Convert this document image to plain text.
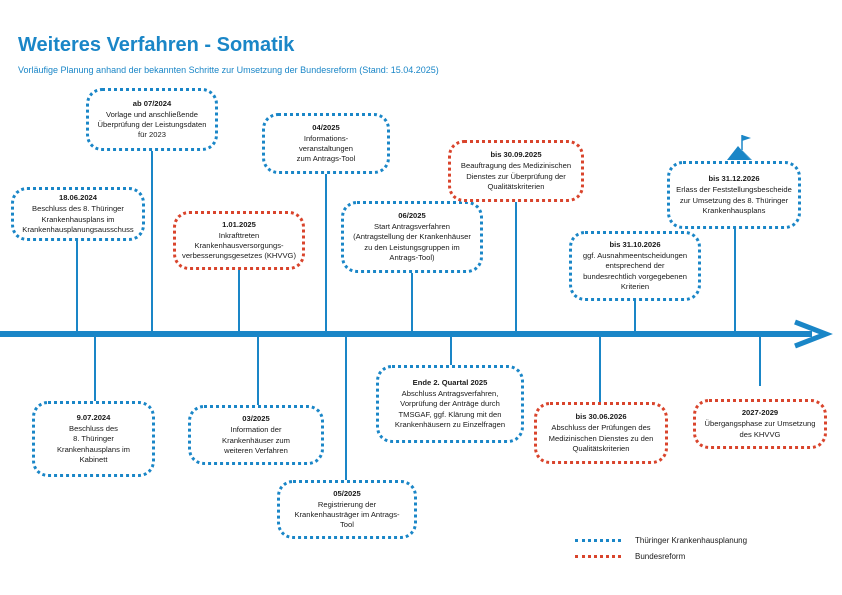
Weiteres Verfahren - Somatik
Vorläufige Planung anhand der bekannten Schritte zur Umsetzung der Bundesreform (Stand: 15.04.2025)
18.06.2024
Beschluss des 8. Thüringer
Krankenhausplans im
Krankenhausplanungsausschuss
ab 07/2024
Vorlage und anschließende
Überprüfung der Leistungsdaten
für 2023
1.01.2025
Inkrafttreten
Krankenhausversorgungs-
verbesserungsgesetzes (KHVVG)
04/2025
Informations-
veranstaltungen
zum Antrags-Tool
06/2025
Start Antragsverfahren
(Antragstellung der Krankenhäuser
zu den Leistungsgruppen im
Antrags-Tool)
bis 30.09.2025
Beauftragung des Medizinischen
Dienstes zur Überprüfung der
Qualitätskriterien
bis 31.10.2026
ggf. Ausnahmeentscheidungen
entsprechend der
bundesrechtlich vorgegebenen
Kriterien
bis 31.12.2026
Erlass der Feststellungsbescheide
zur Umsetzung des 8. Thüringer
Krankenhausplans
9.07.2024
Beschluss des
8. Thüringer
Krankenhausplans im
Kabinett
03/2025
Information der
Krankenhäuser zum
weiteren Verfahren
05/2025
Registrierung der
Krankenhausträger im Antrags-
Tool
Ende 2. Quartal 2025
Abschluss Antragsverfahren,
Vorprüfung der Anträge durch
TMSGAF, ggf. Klärung mit den
Krankenhäusern zu Einzelfragen
bis 30.06.2026
Abschluss der Prüfungen des
Medizinischen Dienstes zu den
Qualitätskriterien
2027-2029
Übergangsphase zur Umsetzung
des KHVVG
Thüringer Krankenhausplanung
Bundesreform
